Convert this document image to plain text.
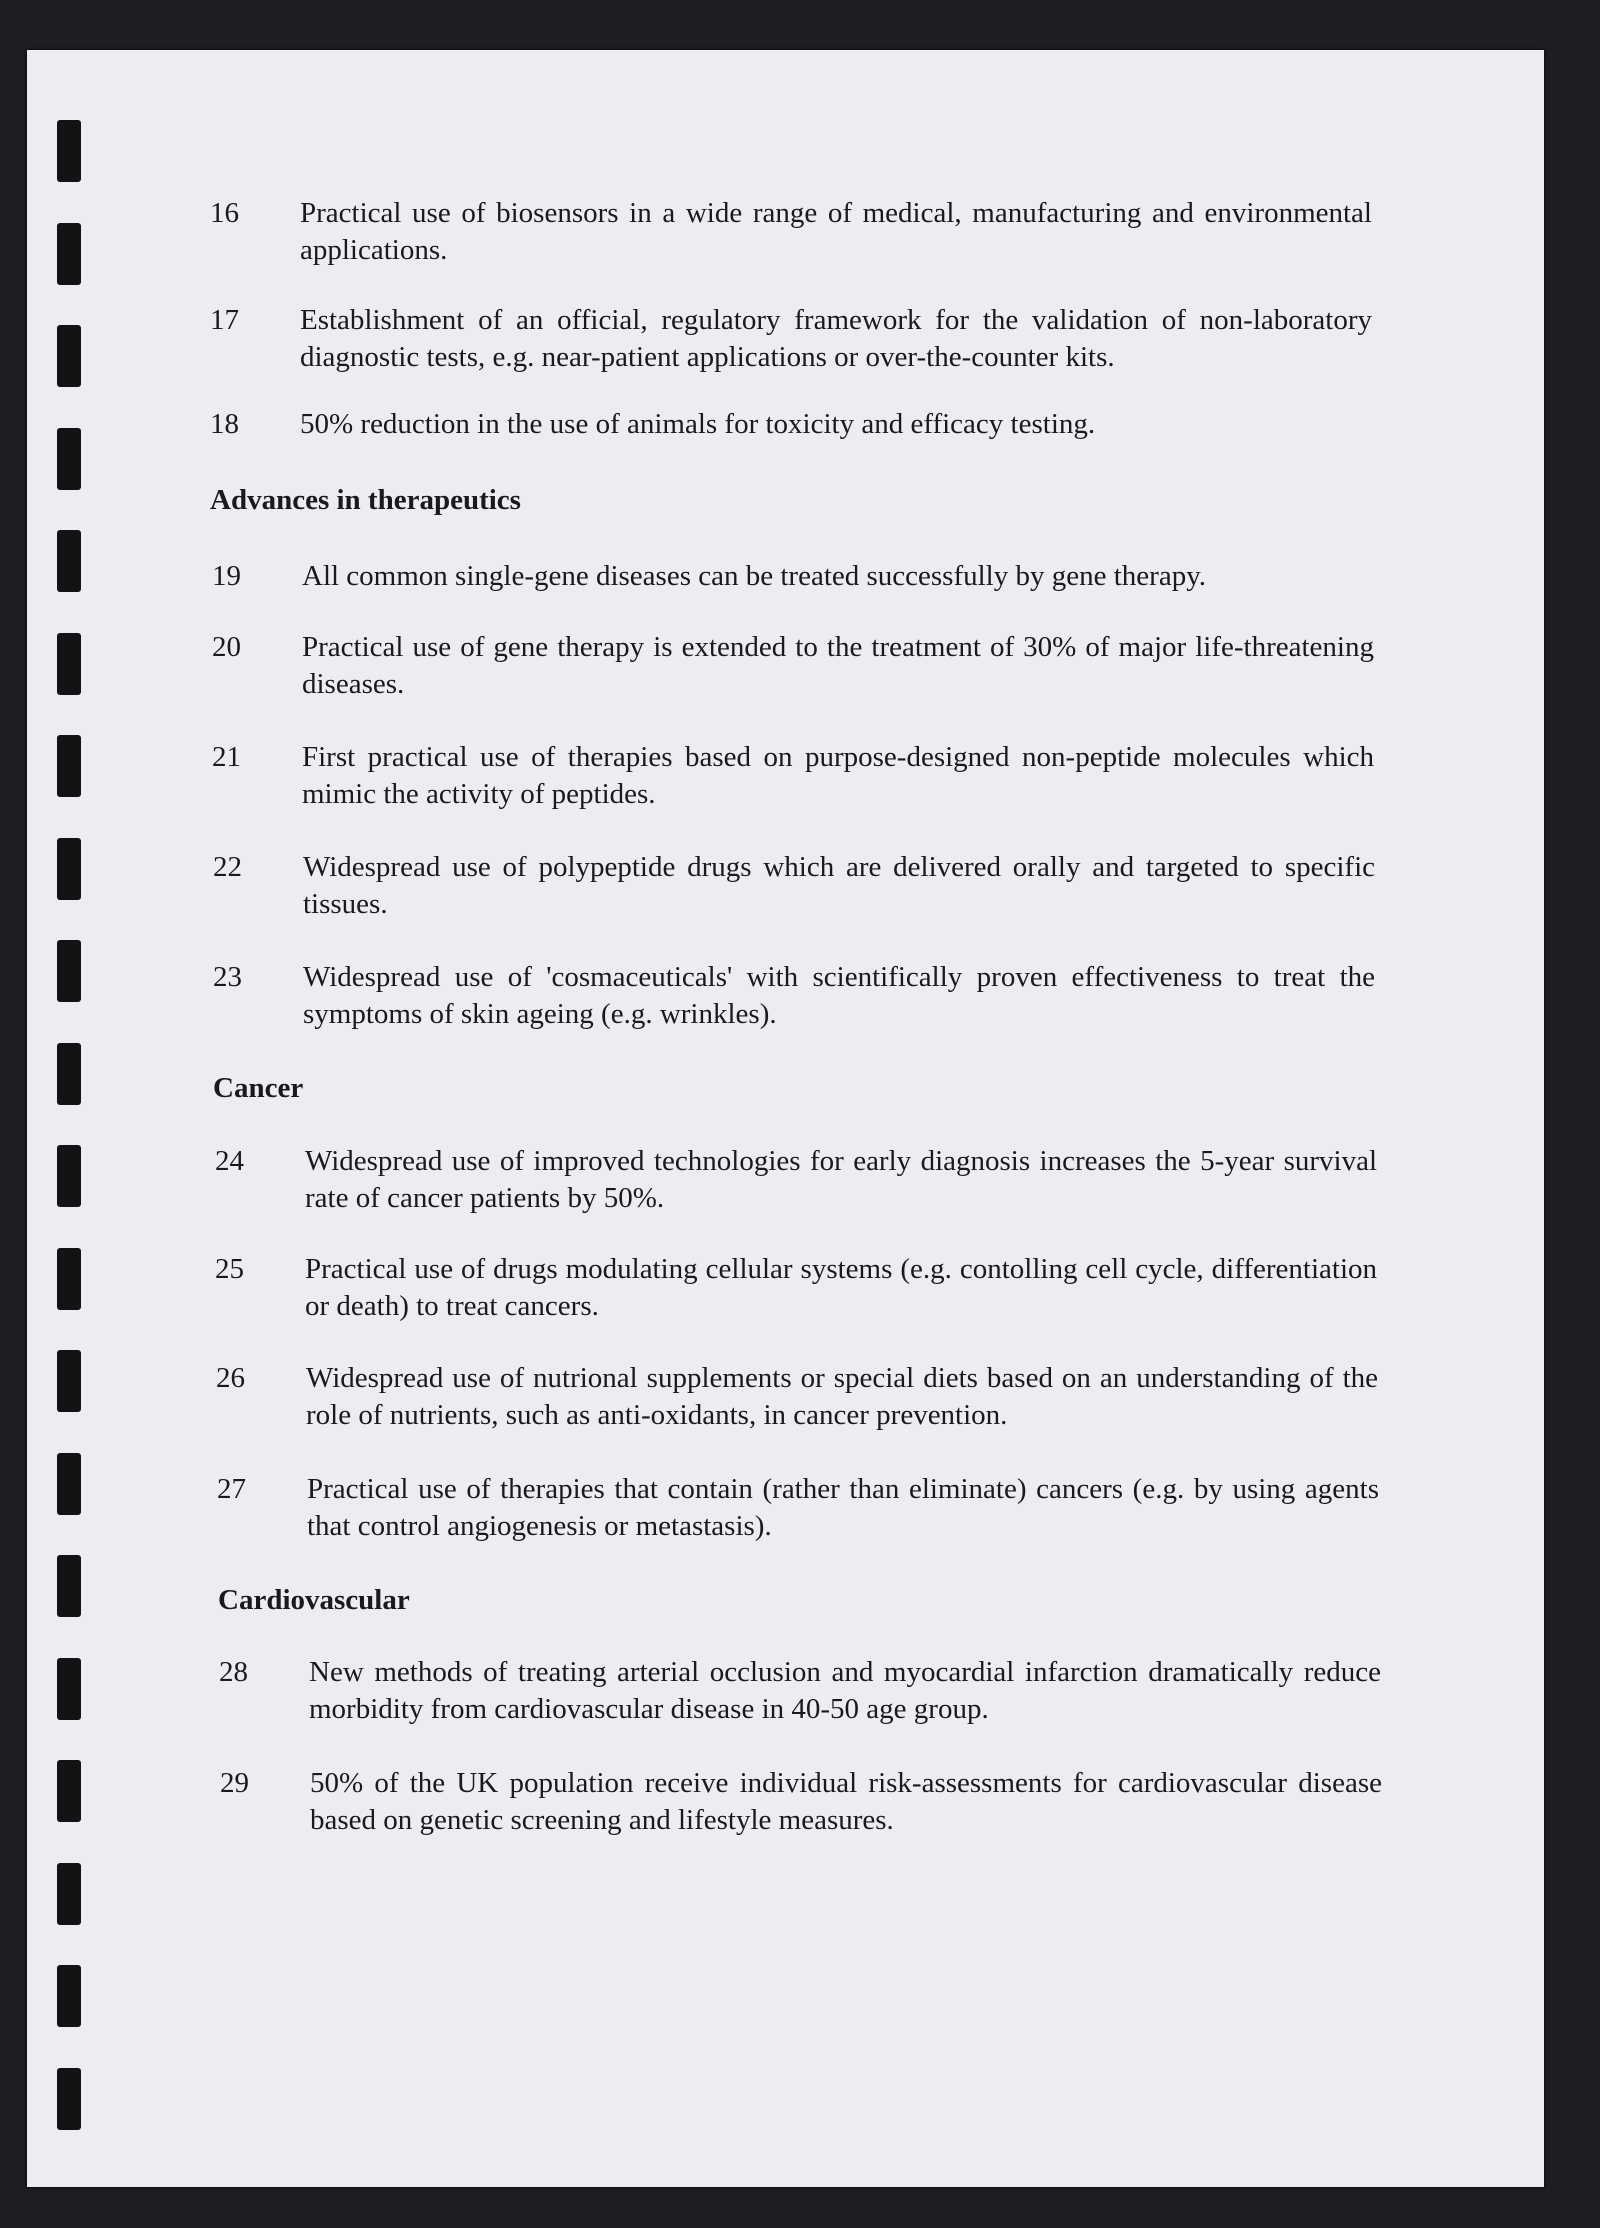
Advances in therapeutics
Cancer
Cardiovascular
16 Practical use of biosensors in a wide range of medical, manufacturing and environmental applications.
17 Establishment of an official, regulatory framework for the validation of non-laboratory diagnostic tests, e.g. near-patient applications or over-the-counter kits.
18 50% reduction in the use of animals for toxicity and efficacy testing.
19 All common single-gene diseases can be treated successfully by gene therapy.
20 Practical use of gene therapy is extended to the treatment of 30% of major life-threatening diseases.
21 First practical use of therapies based on purpose-designed non-peptide molecules which mimic the activity of peptides.
22 Widespread use of polypeptide drugs which are delivered orally and targeted to specific tissues.
23 Widespread use of 'cosmaceuticals' with scientifically proven effectiveness to treat the symptoms of skin ageing (e.g. wrinkles).
24 Widespread use of improved technologies for early diagnosis increases the 5-year survival rate of cancer patients by 50%.
25 Practical use of drugs modulating cellular systems (e.g. contolling cell cycle, differentiation or death) to treat cancers.
26 Widespread use of nutrional supplements or special diets based on an understanding of the role of nutrients, such as anti-oxidants, in cancer prevention.
27 Practical use of therapies that contain (rather than eliminate) cancers (e.g. by using agents that control angiogenesis or metastasis).
28 New methods of treating arterial occlusion and myocardial infarction dramatically reduce morbidity from cardiovascular disease in 40-50 age group.
29 50% of the UK population receive individual risk-assessments for cardiovascular disease based on genetic screening and lifestyle measures.
